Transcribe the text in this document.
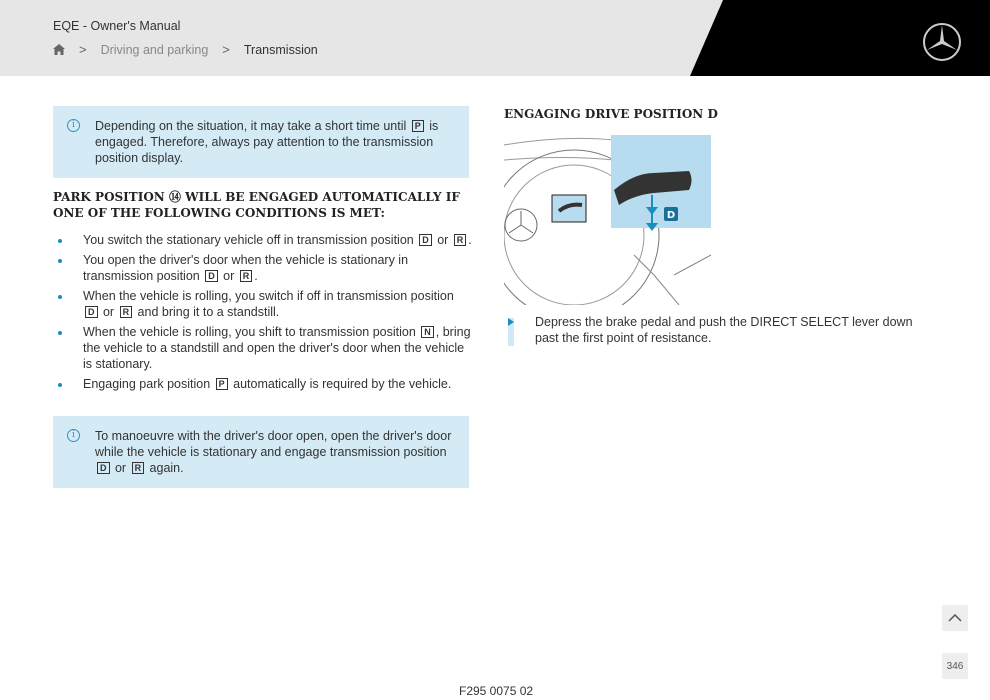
EQE - Owner's Manual
> Driving and parking > Transmission
i	Depending on the situation, it may take a short time until P is engaged. Therefore, always pay attention to the transmission position display.
PARK POSITION ⑭ WILL BE ENGAGED AUTOMATICALLY IF ONE OF THE FOLLOWING CONDITIONS IS MET:
You switch the stationary vehicle off in transmission position D or R .
You open the driver's door when the vehicle is stationary in transmission position D or R .
When the vehicle is rolling, you switch if off in transmission position D or R and bring it to a standstill.
When the vehicle is rolling, you shift to transmission position N , bring the vehicle to a standstill and open the driver's door when the vehicle is stationary.
Engaging park position P automatically is required by the vehicle.
i	To manoeuvre with the driver's door open, open the driver's door while the vehicle is stationary and engage transmission position D or R again.
ENGAGING DRIVE POSITION D
D
Depress the brake pedal and push the DIRECT SELECT lever down past the first point of resistance.
346
F295 0075 02
